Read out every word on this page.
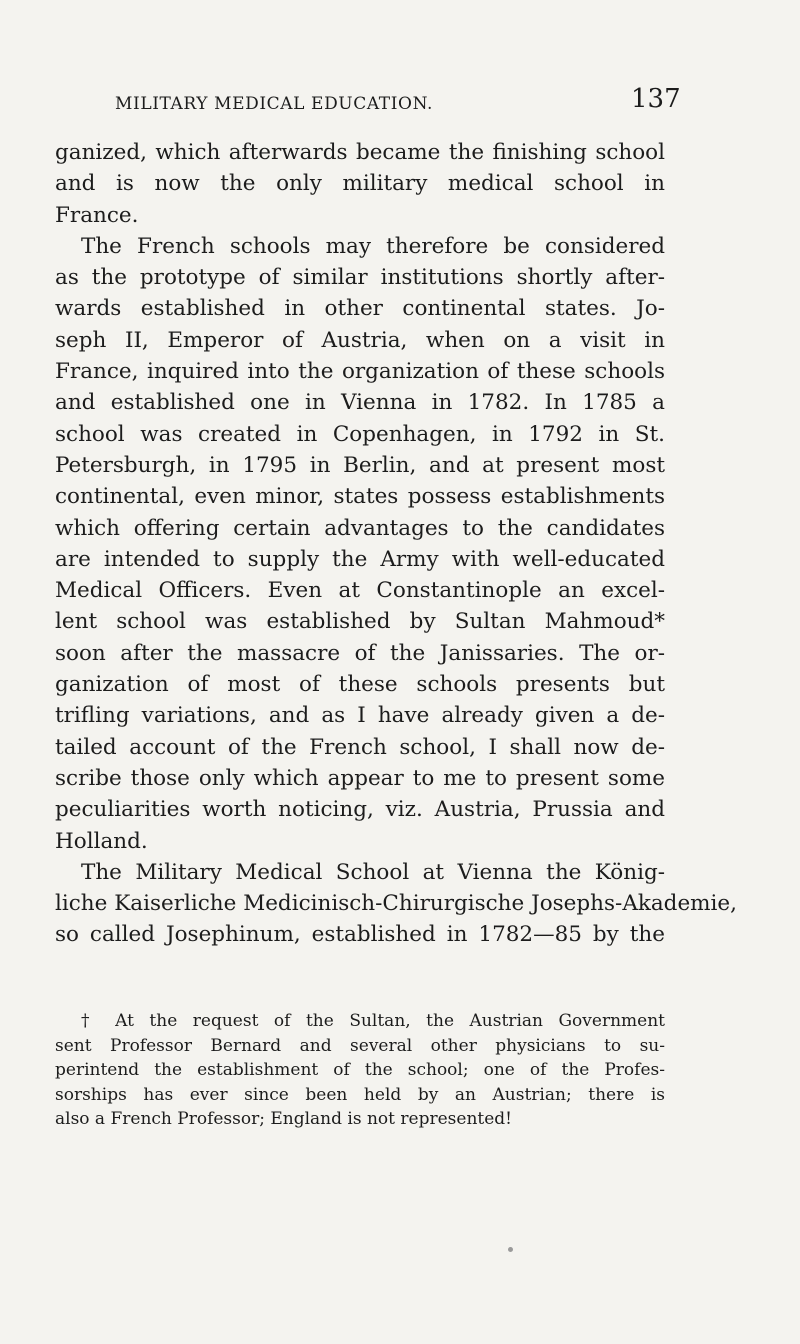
MILITARY MEDICAL EDUCATION.	137
ganized, which afterwards became the finishing school
and is now the only military medical school in
France.
The French schools may therefore be considered
as the prototype of similar institutions shortly after-
wards established in other continental states. Jo-
seph II, Emperor of Austria, when on a visit in
France, inquired into the organization of these schools
and established one in Vienna in 1782. In 1785 a
school was created in Copenhagen, in 1792 in St.
Petersburgh, in 1795 in Berlin, and at present most
continental, even minor, states possess establishments
which offering certain advantages to the candidates
are intended to supply the Army with well-educated
Medical Officers. Even at Constantinople an excel-
lent school was established by Sultan Mahmoud*
soon after the massacre of the Janissaries. The or-
ganization of most of these schools presents but
trifling variations, and as I have already given a de-
tailed account of the French school, I shall now de-
scribe those only which appear to me to present some
peculiarities worth noticing, viz. Austria, Prussia and
Holland.
The Military Medical School at Vienna the König-
liche Kaiserliche Medicinisch-Chirurgische Josephs-Akademie,
so called Josephinum, established in 1782—85 by the
† At the request of the Sultan, the Austrian Government
sent Professor Bernard and several other physicians to su-
perintend the establishment of the school; one of the Profes-
sorships has ever since been held by an Austrian; there is
also a French Professor; England is not represented!
